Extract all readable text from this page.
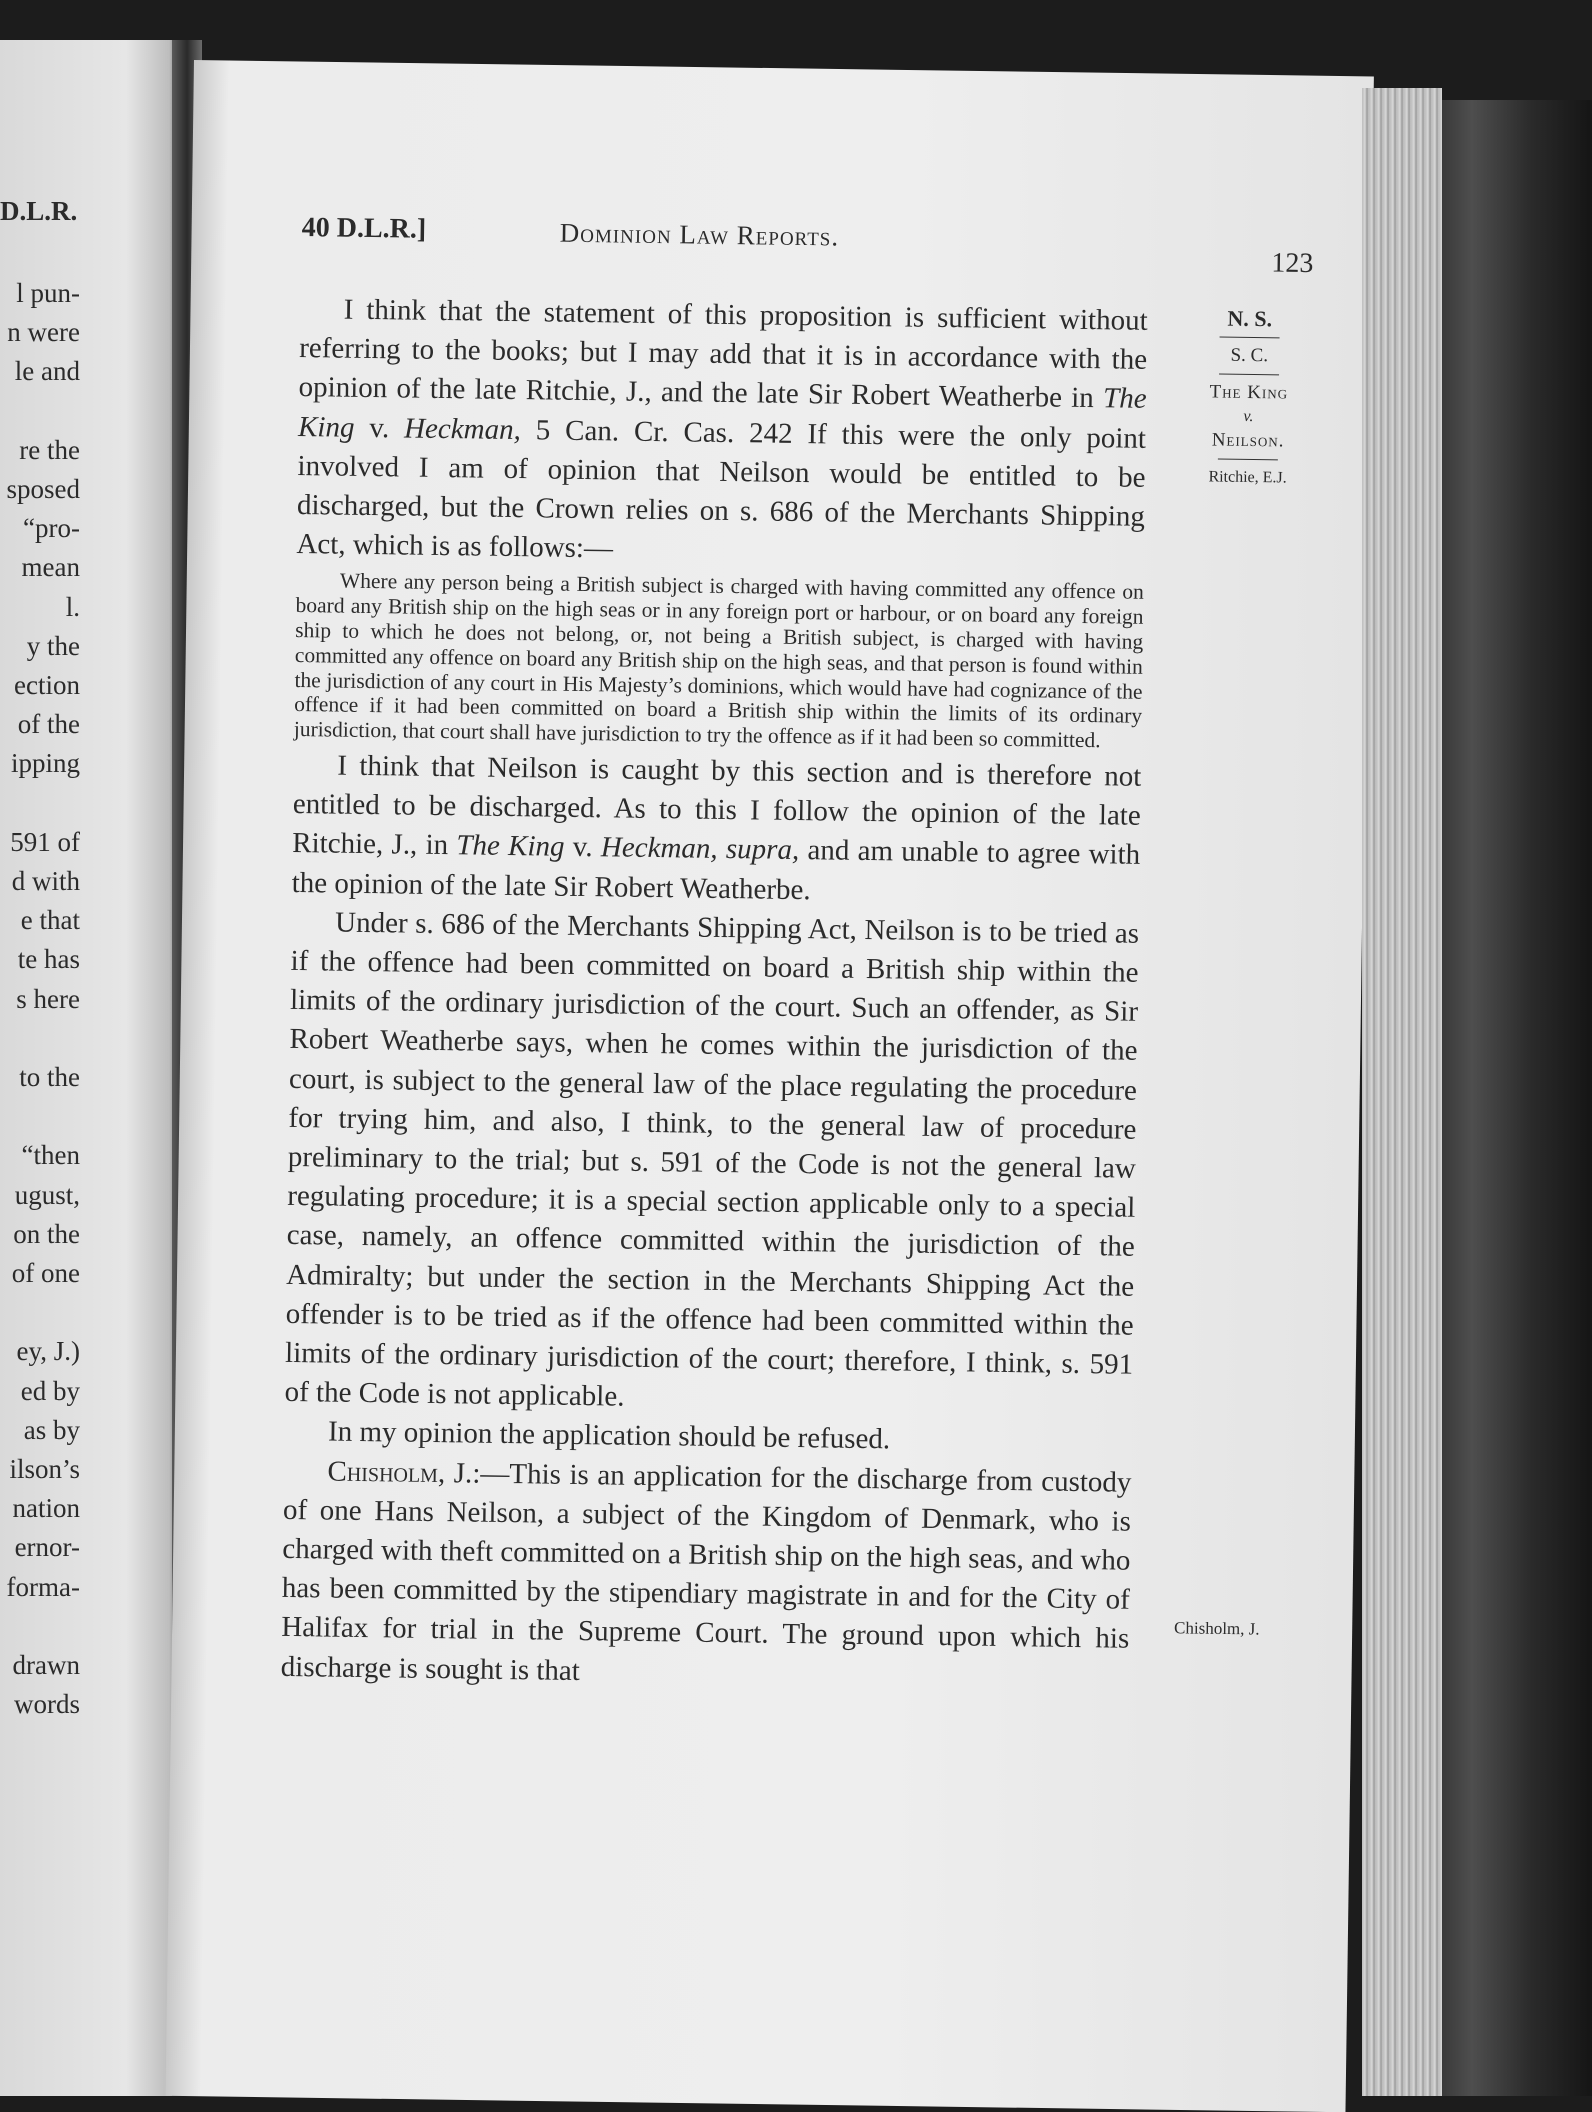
D.L.R.
l pun-
n were
le and
re the
sposed
“pro-
mean
l.
y the
ection
of the
ipping
591 of
d with
e that
te has
s here
to the
“then
ugust,
on the
of one
ey, J.)
ed by
as by
ilson’s
nation
ernor-
forma-
drawn
words
40 D.L.R.]	Dominion Law Reports.
123
N. S.
S. C.
The King
v.
Neilson.
Ritchie, E.J.
Chisholm, J.

I think that the statement of this proposition is sufficient without referring to the books; but I may add that it is in accordance with the opinion of the late Ritchie, J., and the late Sir Robert Weatherbe in The King v. Heckman, 5 Can. Cr. Cas. 242 If this were the only point involved I am of opinion that Neilson would be entitled to be discharged, but the Crown relies on s. 686 of the Merchants Shipping Act, which is as follows:—

Where any person being a British subject is charged with having committed any offence on board any British ship on the high seas or in any foreign port or harbour, or on board any foreign ship to which he does not belong, or, not being a British subject, is charged with having committed any offence on board any British ship on the high seas, and that person is found within the jurisdiction of any court in His Majesty’s dominions, which would have had cognizance of the offence if it had been committed on board a British ship within the limits of its ordinary jurisdiction, that court shall have jurisdiction to try the offence as if it had been so committed.

I think that Neilson is caught by this section and is therefore not entitled to be discharged. As to this I follow the opinion of the late Ritchie, J., in The King v. Heckman, supra, and am unable to agree with the opinion of the late Sir Robert Weatherbe.

Under s. 686 of the Merchants Shipping Act, Neilson is to be tried as if the offence had been committed on board a British ship within the limits of the ordinary jurisdiction of the court. Such an offender, as Sir Robert Weatherbe says, when he comes within the jurisdiction of the court, is subject to the general law of the place regulating the procedure for trying him, and also, I think, to the general law of procedure preliminary to the trial; but s. 591 of the Code is not the general law regulating procedure; it is a special section applicable only to a special case, namely, an offence committed within the jurisdiction of the Admiralty; but under the section in the Merchants Shipping Act the offender is to be tried as if the offence had been committed within the limits of the ordinary jurisdiction of the court; therefore, I think, s. 591 of the Code is not applicable.

In my opinion the application should be refused.

Chisholm, J.:—This is an application for the discharge from custody of one Hans Neilson, a subject of the Kingdom of Denmark, who is charged with theft committed on a British ship on the high seas, and who has been committed by the stipendiary magistrate in and for the City of Halifax for trial in the Supreme Court. The ground upon which his discharge is sought is that
